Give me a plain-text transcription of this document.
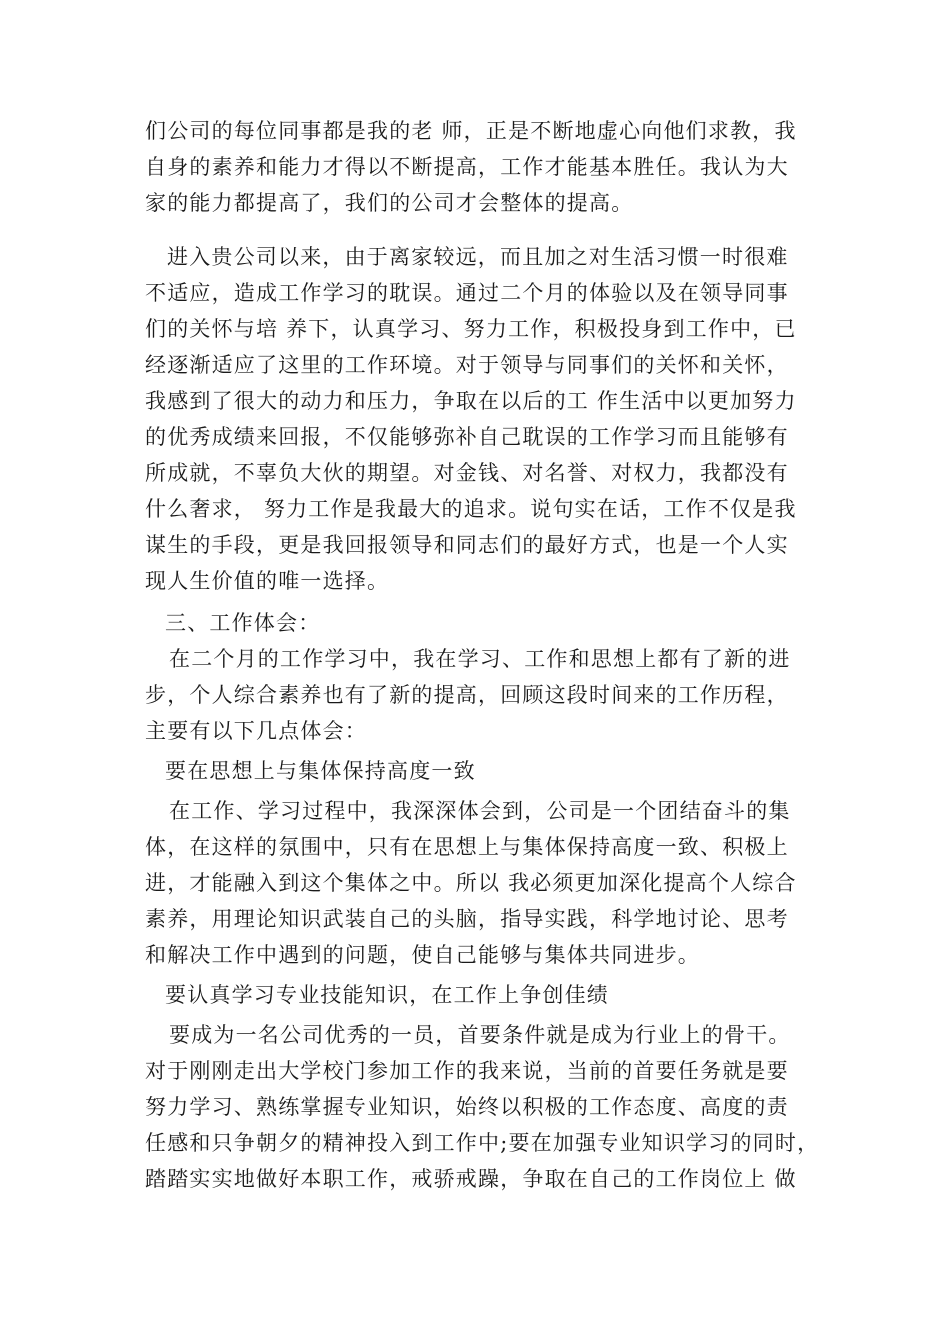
们公司的每位同事都是我的老 师，正是不断地虚心向他们求教，我
自身的素养和能力才得以不断提高，工作才能基本胜任。我认为大
家的能力都提高了，我们的公司才会整体的提高。
进入贵公司以来，由于离家较远，而且加之对生活习惯一时很难
不适应，造成工作学习的耽误。通过二个月的体验以及在领导同事
们的关怀与培 养下，认真学习、努力工作，积极投身到工作中，已
经逐渐适应了这里的工作环境。对于领导与同事们的关怀和关怀，
我感到了很大的动力和压力，争取在以后的工 作生活中以更加努力
的优秀成绩来回报，不仅能够弥补自己耽误的工作学习而且能够有
所成就，不辜负大伙的期望。对金钱、对名誉、对权力，我都没有
什么奢求， 努力工作是我最大的追求。说句实在话，工作不仅是我
谋生的手段，更是我回报领导和同志们的最好方式，也是一个人实
现人生价值的唯一选择。
三、工作体会：
在二个月的工作学习中，我在学习、工作和思想上都有了新的进
步，个人综合素养也有了新的提高，回顾这段时间来的工作历程，
主要有以下几点体会：
要在思想上与集体保持高度一致
在工作、学习过程中，我深深体会到，公司是一个团结奋斗的集
体，在这样的氛围中，只有在思想上与集体保持高度一致、积极上
进，才能融入到这个集体之中。所以 我必须更加深化提高个人综合
素养，用理论知识武装自己的头脑，指导实践，科学地讨论、思考
和解决工作中遇到的问题，使自己能够与集体共同进步。
要认真学习专业技能知识，在工作上争创佳绩
要成为一名公司优秀的一员，首要条件就是成为行业上的骨干。
对于刚刚走出大学校门参加工作的我来说，当前的首要任务就是要
努力学习、熟练掌握专业知识，始终以积极的工作态度、高度的责
任感和只争朝夕的精神投入到工作中;要在加强专业知识学习的同时，
踏踏实实地做好本职工作，戒骄戒躁，争取在自己的工作岗位上 做
